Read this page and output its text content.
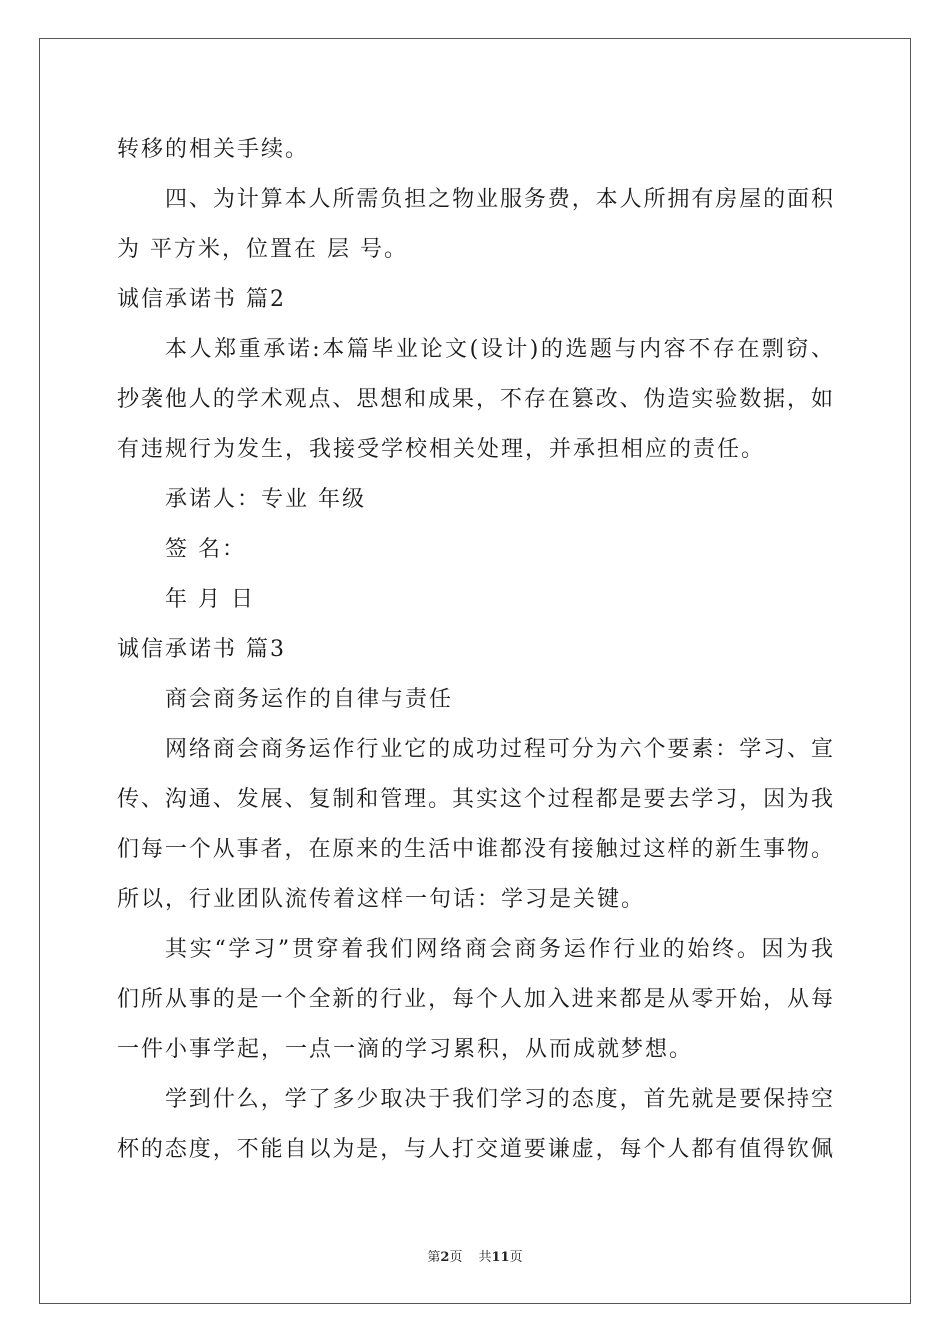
转移的相关手续。
四、为计算本人所需负担之物业服务费，本人所拥有房屋的面积
为 平方米，位置在 层 号。
诚信承诺书 篇2
本人郑重承诺:本篇毕业论文(设计)的选题与内容不存在剽窃、
抄袭他人的学术观点、思想和成果，不存在篡改、伪造实验数据，如
有违规行为发生，我接受学校相关处理，并承担相应的责任。
承诺人：专业 年级
签 名：
年 月 日
诚信承诺书 篇3
商会商务运作的自律与责任
网络商会商务运作行业它的成功过程可分为六个要素：学习、宣
传、沟通、发展、复制和管理。其实这个过程都是要去学习，因为我
们每一个从事者，在原来的生活中谁都没有接触过这样的新生事物。
所以，行业团队流传着这样一句话：学习是关键。
其实“学习”贯穿着我们网络商会商务运作行业的始终。因为我
们所从事的是一个全新的行业，每个人加入进来都是从零开始，从每
一件小事学起，一点一滴的学习累积，从而成就梦想。
学到什么，学了多少取决于我们学习的态度，首先就是要保持空
杯的态度，不能自以为是，与人打交道要谦虚，每个人都有值得钦佩
第2页 共11页
